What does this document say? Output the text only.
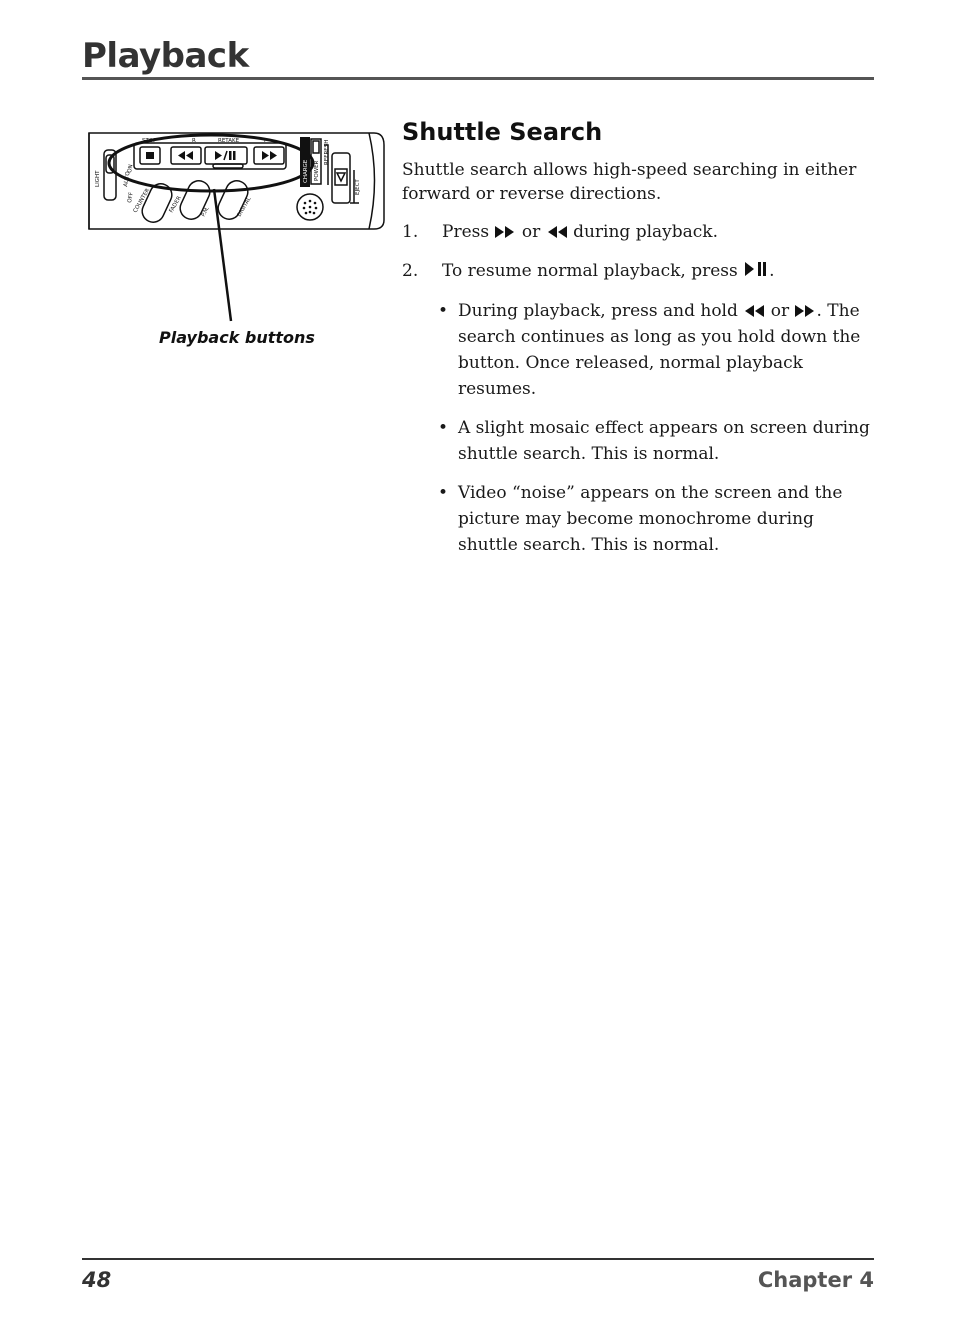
Playback
STOP	R	RETAKE	F
LIGHT
OFF
AUTO
ON
COUNTER	FADER	P.M.	DIGITAL
CHARGE POWER
REFRESH
EJECT
Playback buttons
Shuttle Search

Shuttle search allows high-speed searching in either forward or reverse directions.

1.	Press or during playback.
2.	To resume normal playback, press .
• During playback, press and hold or . The search continues as long as you hold down the button. Once released, normal playback resumes.
• A slight mosaic effect appears on screen during shuttle search. This is normal.
• Video “noise” appears on the screen and the picture may become monochrome during shuttle search. This is normal.
48	Chapter 4
